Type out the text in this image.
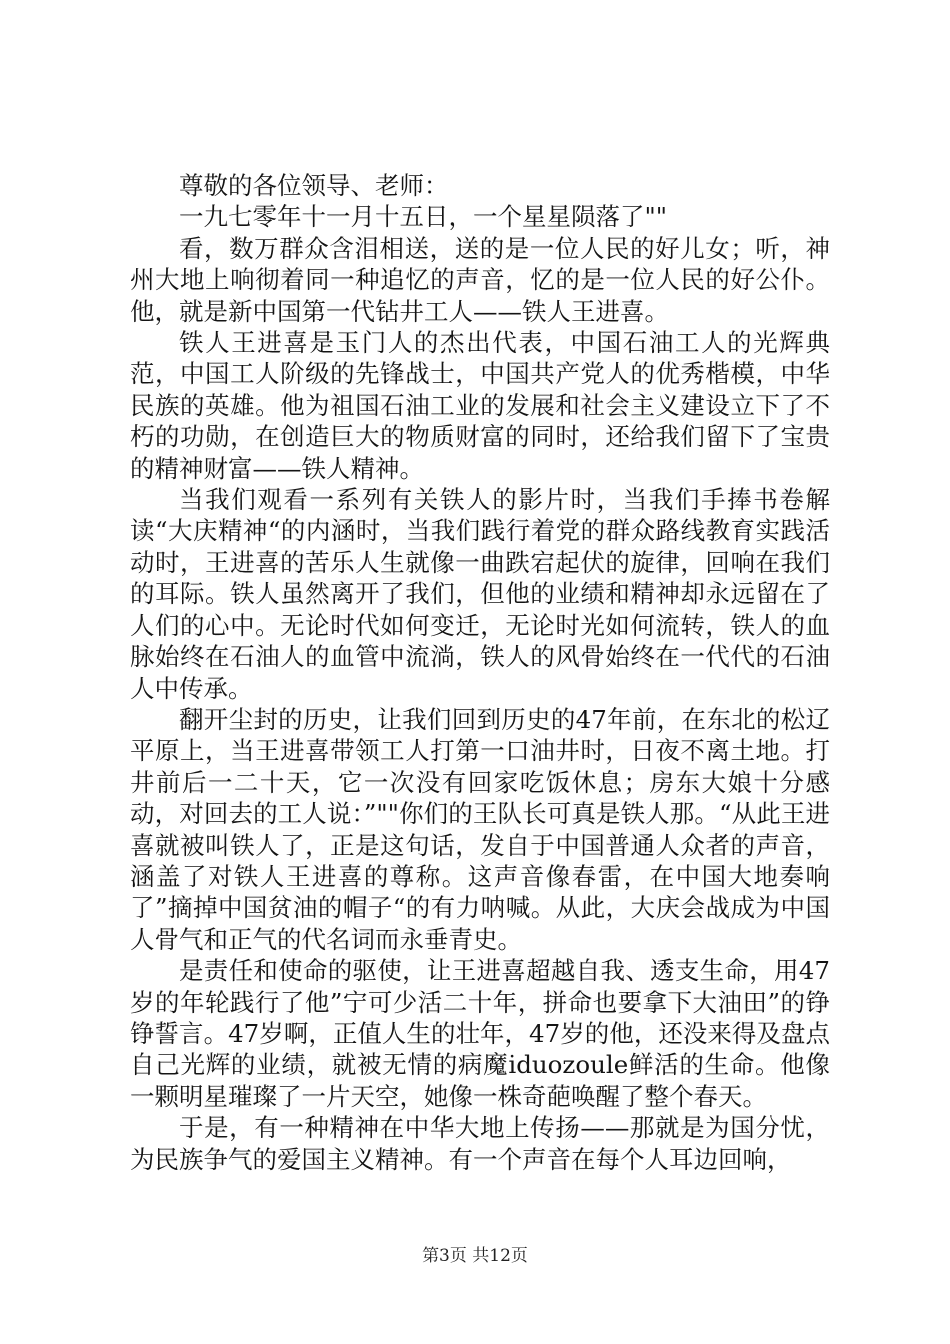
尊敬的各位领导、老师：

一九七零年十一月十五日，一个星星陨落了""

看，数万群众含泪相送，送的是一位人民的好儿女；听，神州大地上响彻着同一种追忆的声音，忆的是一位人民的好公仆。他，就是新中国第一代钻井工人——铁人王进喜。

铁人王进喜是玉门人的杰出代表，中国石油工人的光辉典范，中国工人阶级的先锋战士，中国共产党人的优秀楷模，中华民族的英雄。他为祖国石油工业的发展和社会主义建设立下了不朽的功勋，在创造巨大的物质财富的同时，还给我们留下了宝贵的精神财富——铁人精神。

当我们观看一系列有关铁人的影片时，当我们手捧书卷解读“大庆精神“的内涵时，当我们践行着党的群众路线教育实践活动时，王进喜的苦乐人生就像一曲跌宕起伏的旋律，回响在我们的耳际。铁人虽然离开了我们，但他的业绩和精神却永远留在了人们的心中。无论时代如何变迁，无论时光如何流转，铁人的血脉始终在石油人的血管中流淌，铁人的风骨始终在一代代的石油人中传承。

翻开尘封的历史，让我们回到历史的47年前，在东北的松辽平原上，当王进喜带领工人打第一口油井时，日夜不离土地。打井前后一二十天，它一次没有回家吃饭休息；房东大娘十分感动，对回去的工人说：”""你们的王队长可真是铁人那。“从此王进喜就被叫铁人了，正是这句话，发自于中国普通人众者的声音，涵盖了对铁人王进喜的尊称。这声音像春雷，在中国大地奏响了”摘掉中国贫油的帽子“的有力呐喊。从此，大庆会战成为中国人骨气和正气的代名词而永垂青史。

是责任和使命的驱使，让王进喜超越自我、透支生命，用47岁的年轮践行了他”宁可少活二十年，拼命也要拿下大油田”的铮铮誓言。47岁啊，正值人生的壮年，47岁的他，还没来得及盘点自己光辉的业绩，就被无情的病魔iduozoule鲜活的生命。他像一颗明星璀璨了一片天空，她像一株奇葩唤醒了整个春天。

于是，有一种精神在中华大地上传扬——那就是为国分忧，为民族争气的爱国主义精神。有一个声音在每个人耳边回响，

第3页 共12页
